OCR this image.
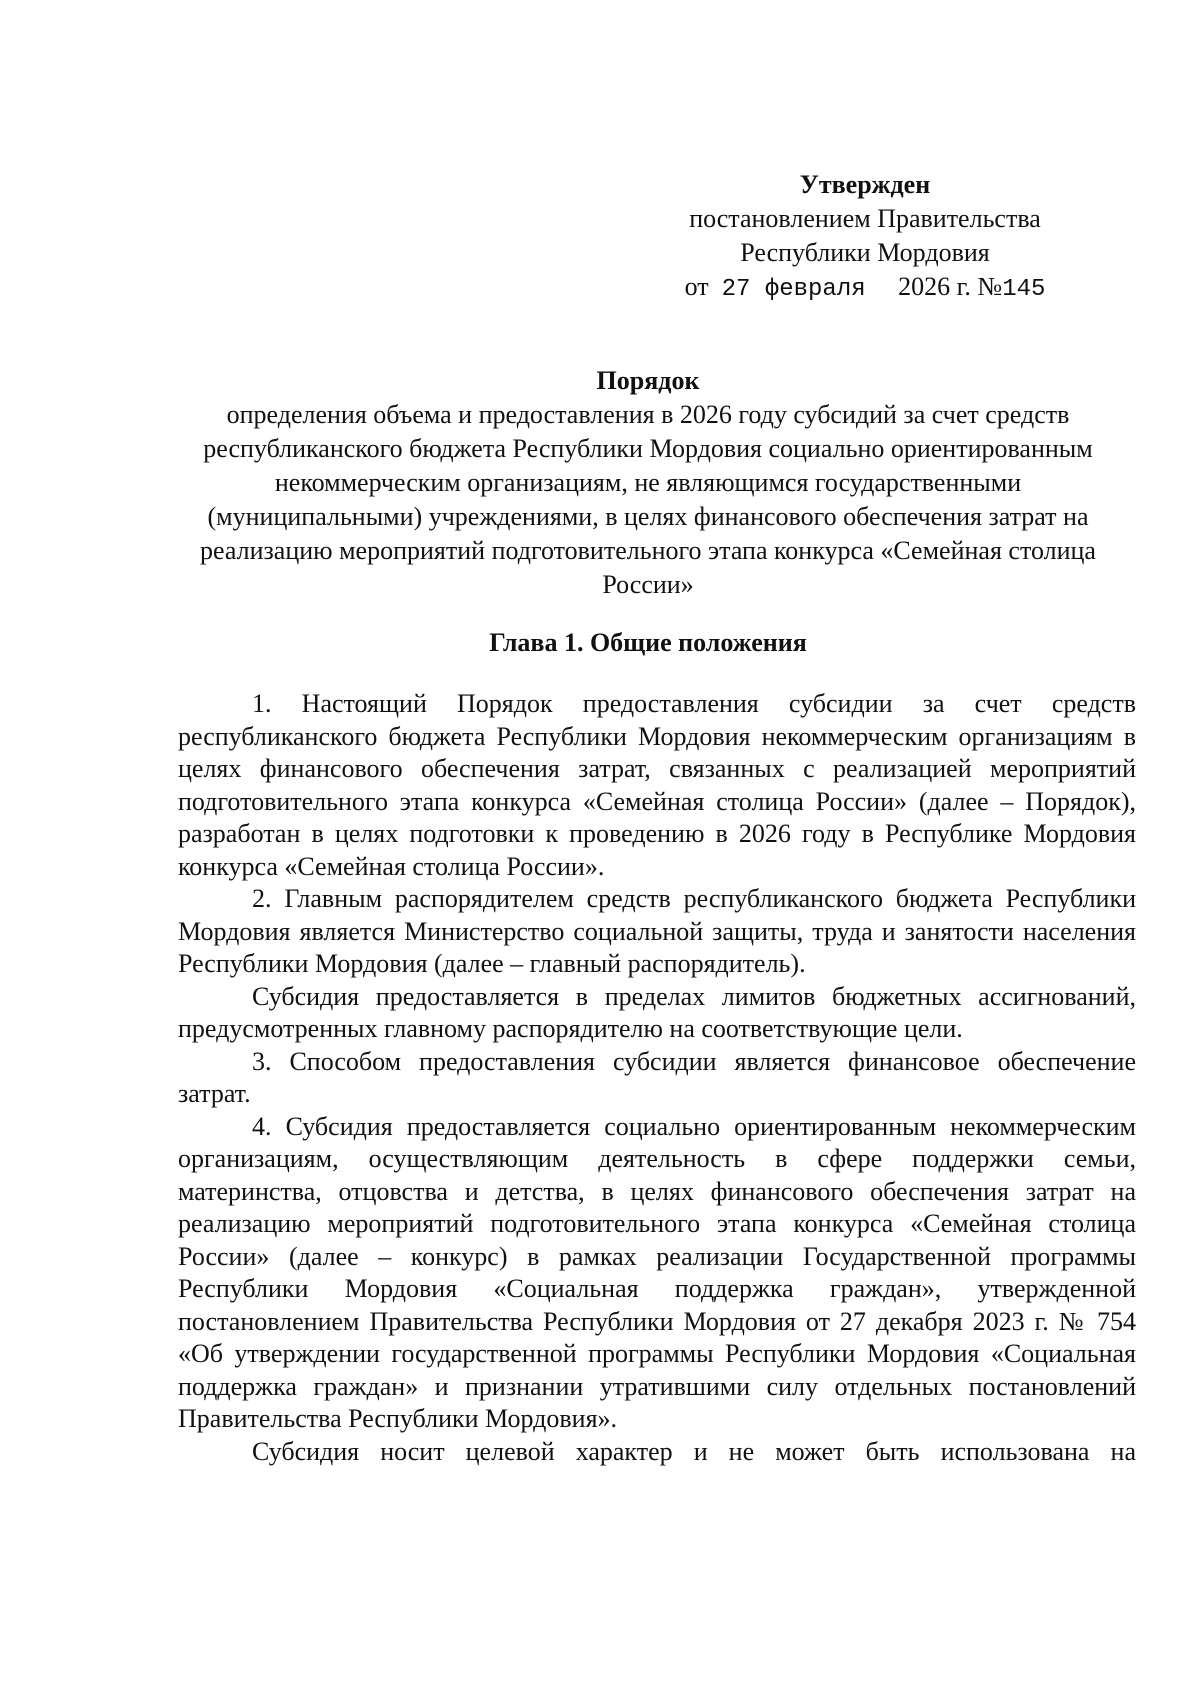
Утвержден
постановлением Правительства
Республики Мордовия
от 27 февраля 2026 г. №145
Порядок
определения объема и предоставления в 2026 году субсидий за счет средств республиканского бюджета Республики Мордовия социально ориентированным некоммерческим организациям, не являющимся государственными (муниципальными) учреждениями, в целях финансового обеспечения затрат на реализацию мероприятий подготовительного этапа конкурса «Семейная столица России»
Глава 1. Общие положения

1. Настоящий Порядок предоставления субсидии за счет средств республиканского бюджета Республики Мордовия некоммерческим организациям в целях финансового обеспечения затрат, связанных с реализацией мероприятий подготовительного этапа конкурса «Семейная столица России» (далее – Порядок), разработан в целях подготовки к проведению в 2026 году в Республике Мордовия конкурса «Семейная столица России».

2. Главным распорядителем средств республиканского бюджета Республики Мордовия является Министерство социальной защиты, труда и занятости населения Республики Мордовия (далее – главный распорядитель).

Субсидия предоставляется в пределах лимитов бюджетных ассигнований, предусмотренных главному распорядителю на соответствующие цели.

3. Способом предоставления субсидии является финансовое обеспечение затрат.

4. Субсидия предоставляется социально ориентированным некоммерческим организациям, осуществляющим деятельность в сфере поддержки семьи, материнства, отцовства и детства, в целях финансового обеспечения затрат на реализацию мероприятий подготовительного этапа конкурса «Семейная столица России» (далее – конкурс) в рамках реализации Государственной программы Республики Мордовия «Социальная поддержка граждан», утвержденной постановлением Правительства Республики Мордовия от 27 декабря 2023 г. № 754 «Об утверждении государственной программы Республики Мордовия «Социальная поддержка граждан» и признании утратившими силу отдельных постановлений Правительства Республики Мордовия».

Субсидия носит целевой характер и не может быть использована на
